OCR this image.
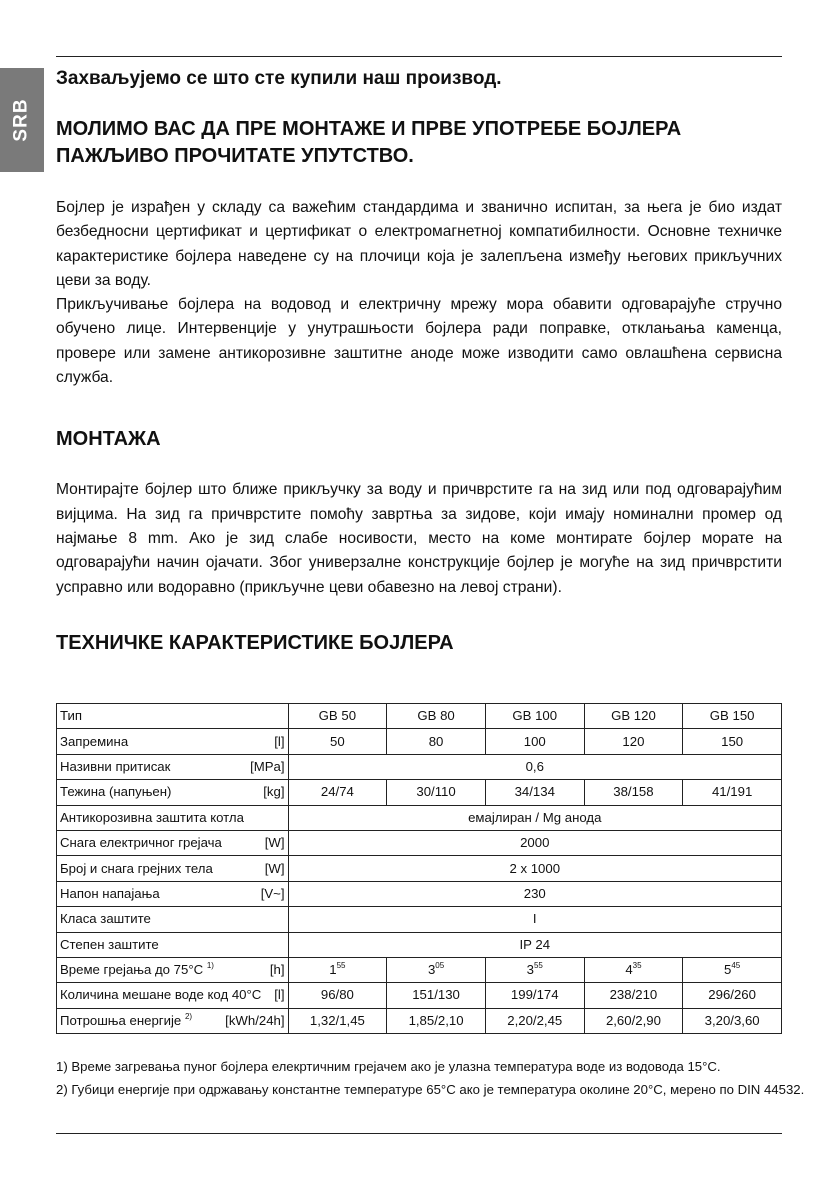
SRB

Захваљујемо се што сте купили наш производ.

МОЛИМО ВАС ДА ПРЕ МОНТАЖЕ И ПРВЕ УПОТРЕБЕ БОЈЛЕРА ПАЖЉИВО ПРОЧИТАТЕ УПУТСТВО.

Бојлер је израђен у складу са важећим стандардима и званично испитан, за њега је био издат безбедносни цертификат и цертификат о електромагнетној компатибилности. Основне техничке карактеристике бојлера наведене су на плочици која је залепљена између његових прикључних цеви за воду.

Прикључивање бојлера на водовод и електричну мрежу мора обавити одговарајуће стручно обучено лице. Интервенције у унутрашњости бојлера ради поправке, отклањања каменца, провере или замене антикорозивне заштитне аноде може изводити само овлашћена сервисна служба.

МОНТАЖА

Монтирајте бојлер што ближе прикључку за воду и причврстите га на зид или под одговарајућим вијцима. На зид га причврстите помоћу завртња за зидове, који имају номинални промер од најмање 8 mm. Ако је зид слабе носивости, место на коме монтирате бојлер морате на одговарајући начин ојачати. Због универзалне конструкције бојлер је могуће на зид причврстити усправно или водоравно (прикључне цеви обавезно на левој страни).

ТЕХНИЧКЕ КАРАКТЕРИСТИКЕ БОЈЛЕРА
Тип	GB 50	GB 80	GB 100	GB 120	GB 150

Запремина [l]	50	80	100	120	150

Називни притисак [MPa]	0,6				

Тежина (напуњен) [kg]	24/74	30/110	34/134	38/158	41/191

Антикорозивна заштита котла	емајлиран / Mg анода				

Снага електричног грејача [W]	2000				

Број и снага грејних тела [W]	2 x 1000				

Напон напајања [V~]	230				

Класа заштите	I				

Степен заштите	IP 24				

Време грејања до 75°C $^{1)}$ [h]	$1^{55}$	$3^{05}$	$3^{55}$	$4^{35}$	$5^{45}$

Количина мешане воде код 40°C [l]	96/80	151/130	199/174	238/210	296/260

Потрошња енергије $^{2)}$ [kWh/24h]	1,32/1,45	1,85/2,10	2,20/2,45	2,60/2,90	3,20/3,60
1) Време загревања пуног бојлера елекртичним грејачем ако је улазна температура воде из водовода 15°C.
2) Губици енергије при одржавању константне температуре 65°C ако је температура околине 20°C, мерено по DIN 44532.
